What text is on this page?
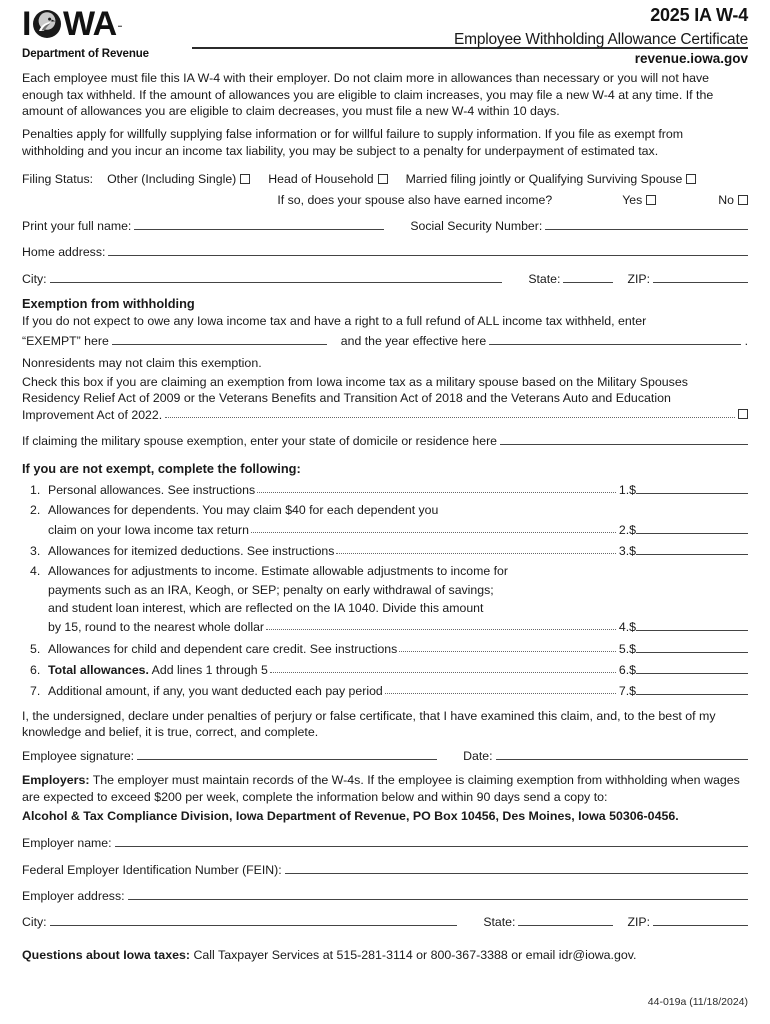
I WA ..
Department of Revenue
2025 IA W-4
Employee Withholding Allowance Certificate
revenue.iowa.gov

Each employee must file this IA W-4 with their employer. Do not claim more in allowances than necessary or you will not have enough tax withheld. If the amount of allowances you are eligible to claim increases, you may file a new W-4 at any time. If the amount of allowances you are eligible to claim decreases, you must file a new W-4 within 10 days.

Penalties apply for willfully supplying false information or for willful failure to supply information. If you file as exempt from withholding and you incur an income tax liability, you may be subject to a penalty for underpayment of estimated tax.

Filing Status: Other (Including Single)	Head of Household	Married filing jointly or Qualifying Surviving Spouse
If so, does your spouse also have earned income?	Yes	No
Print your full name:	Social Security Number:
Home address:
City:	State:	ZIP:
Exemption from withholding
If you do not expect to owe any Iowa income tax and have a right to a full refund of ALL income tax withheld, enter
“EXEMPT” here	and the year effective here	.
Nonresidents may not claim this exemption.
Check this box if you are claiming an exemption from Iowa income tax as a military spouse based on the Military Spouses Residency Relief Act of 2009 or the Veterans Benefits and Transition Act of 2018 and the Veterans Auto and Education
Improvement Act of 2022.
If claiming the military spouse exemption, enter your state of domicile or residence here
If you are not exempt, complete the following:
1. Personal allowances. See instructions	1.$
2. Allowances for dependents. You may claim $40 for each dependent you
claim on your Iowa income tax return	2.$
3. Allowances for itemized deductions. See instructions	3.$
4. Allowances for adjustments to income. Estimate allowable adjustments to income for
payments such as an IRA, Keogh, or SEP; penalty on early withdrawal of savings;
and student loan interest, which are reflected on the IA 1040. Divide this amount
by 15, round to the nearest whole dollar	4.$
5. Allowances for child and dependent care credit. See instructions	5.$
6. Total allowances. Add lines 1 through 5	6.$
7. Additional amount, if any, you want deducted each pay period	7.$

I, the undersigned, declare under penalties of perjury or false certificate, that I have examined this claim, and, to the best of my knowledge and belief, it is true, correct, and complete.

Employee signature:	Date:

Employers: The employer must maintain records of the W-4s. If the employee is claiming exemption from withholding when wages are expected to exceed $200 per week, complete the information below and within 90 days send a copy to:

Alcohol & Tax Compliance Division, Iowa Department of Revenue, PO Box 10456, Des Moines, Iowa 50306-0456.

Employer name:
Federal Employer Identification Number (FEIN):
Employer address:
City:	State:	ZIP:

Questions about Iowa taxes: Call Taxpayer Services at 515-281-3114 or 800-367-3388 or email idr@iowa.gov.

44-019a (11/18/2024)
